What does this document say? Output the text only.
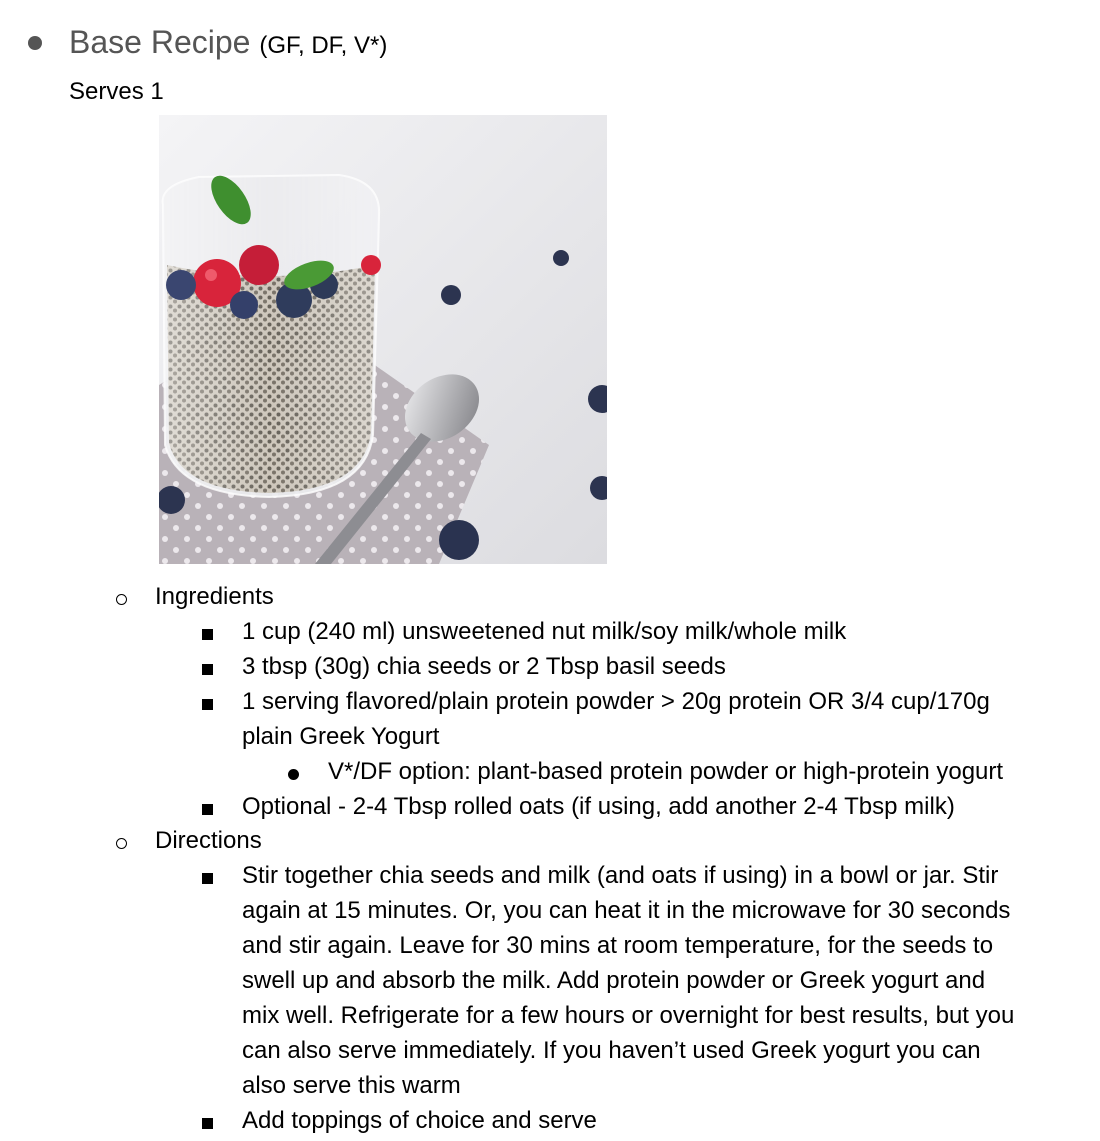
Base Recipe (GF, DF, V*)
Serves 1
Ingredients
1 cup (240 ml) unsweetened nut milk/soy milk/whole milk
3 tbsp (30g) chia seeds or 2 Tbsp basil seeds
1 serving flavored/plain protein powder > 20g protein OR 3/4 cup/170g
plain Greek Yogurt
V*/DF option: plant-based protein powder or high-protein yogurt
Optional - 2-4 Tbsp rolled oats (if using, add another 2-4 Tbsp milk)
Directions
Stir together chia seeds and milk (and oats if using) in a bowl or jar. Stir
again at 15 minutes. Or, you can heat it in the microwave for 30 seconds
and stir again. Leave for 30 mins at room temperature, for the seeds to
swell up and absorb the milk. Add protein powder or Greek yogurt and
mix well. Refrigerate for a few hours or overnight for best results, but you
can also serve immediately. If you haven’t used Greek yogurt you can
also serve this warm
Add toppings of choice and serve
